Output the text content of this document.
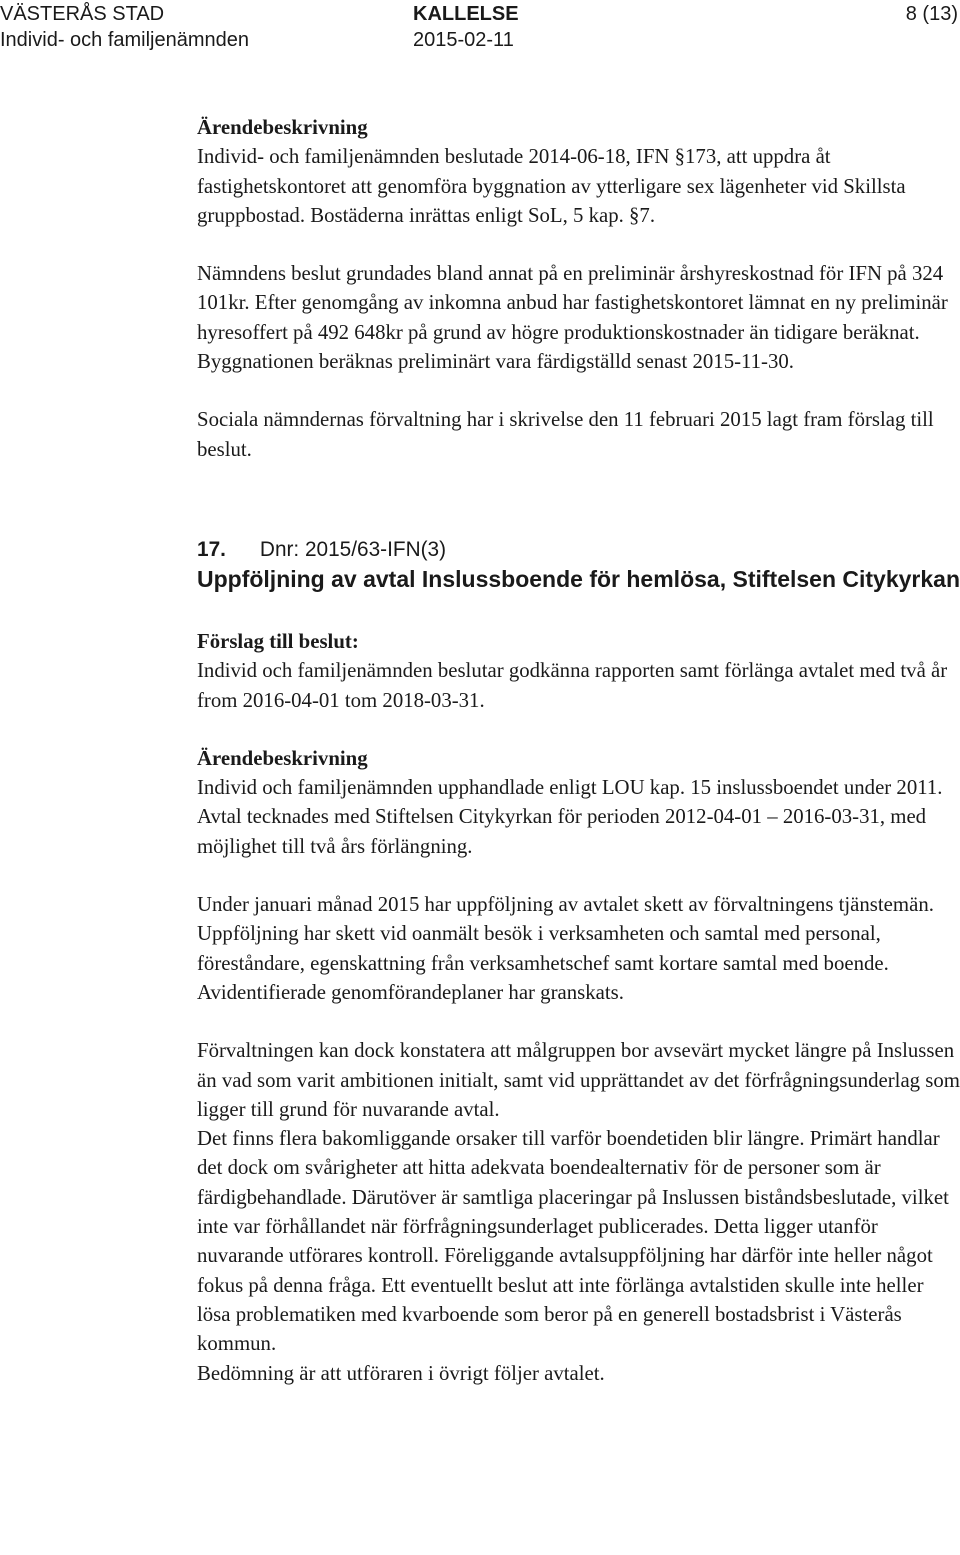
VÄSTERÅS STAD
Individ- och familjenämnden
KALLELSE
2015-02-11
8 (13)

Ärendebeskrivning

Individ- och familjenämnden beslutade 2014-06-18, IFN §173, att uppdra åt fastighetskontoret att genomföra byggnation av ytterligare sex lägenheter vid Skillsta gruppbostad. Bostäderna inrättas enligt SoL, 5 kap. §7.

Nämndens beslut grundades bland annat på en preliminär årshyreskostnad för IFN på 324 101kr. Efter genomgång av inkomna anbud har fastighetskontoret lämnat en ny preliminär hyresoffert på 492 648kr på grund av högre produktionskostnader än tidigare beräknat. Byggnationen beräknas preliminärt vara färdigställd senast 2015-11-30.

Sociala nämndernas förvaltning har i skrivelse den 11 februari 2015 lagt fram förslag till beslut.

17. Dnr: 2015/63-IFN(3)

Uppföljning av avtal Inslussboende för hemlösa, Stiftelsen Citykyrkan

Förslag till beslut:

Individ och familjenämnden beslutar godkänna rapporten samt förlänga avtalet med två år from 2016-04-01 tom 2018-03-31.

Ärendebeskrivning

Individ och familjenämnden upphandlade enligt LOU kap. 15 inslussboendet under 2011. Avtal tecknades med Stiftelsen Citykyrkan för perioden 2012-04-01 – 2016-03-31, med möjlighet till två års förlängning.

Under januari månad 2015 har uppföljning av avtalet skett av förvaltningens tjänstemän. Uppföljning har skett vid oanmält besök i verksamheten och samtal med personal, föreståndare, egenskattning från verksamhetschef samt kortare samtal med boende. Avidentifierade genomförandeplaner har granskats.

Förvaltningen kan dock konstatera att målgruppen bor avsevärt mycket längre på Inslussen än vad som varit ambitionen initialt, samt vid upprättandet av det förfrågningsunderlag som ligger till grund för nuvarande avtal.

Det finns flera bakomliggande orsaker till varför boendetiden blir längre. Primärt handlar det dock om svårigheter att hitta adekvata boendealternativ för de personer som är färdigbehandlade. Därutöver är samtliga placeringar på Inslussen biståndsbeslutade, vilket inte var förhållandet när förfrågningsunderlaget publicerades. Detta ligger utanför nuvarande utförares kontroll. Föreliggande avtalsuppföljning har därför inte heller något fokus på denna fråga. Ett eventuellt beslut att inte förlänga avtalstiden skulle inte heller lösa problematiken med kvarboende som beror på en generell bostadsbrist i Västerås kommun.

Bedömning är att utföraren i övrigt följer avtalet.
